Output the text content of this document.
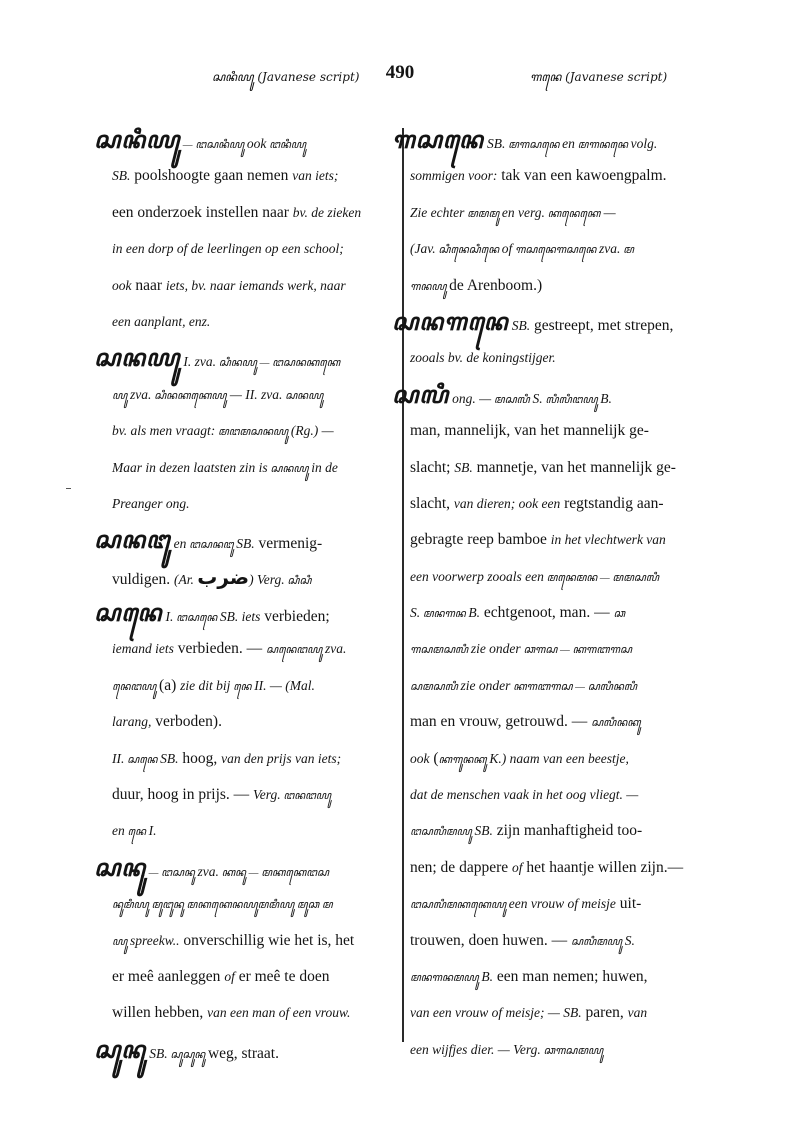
ꦱꦤꦶꦪꦸ (Javanese script)	490	ꦒꦤꦺ (Javanese script)
ꦱꦤꦶꦪꦸ — ꦔꦱꦤꦶꦪꦸ ook ꦔꦤꦶꦪꦸ
SB. poolshoogte gaan nemen van iets;
een onderzoek instellen naar bv. de zieken
in een dorp of de leerlingen op een school;
ook naar iets, bv. naar iemands werk, naar
een aanplant, enz.
ꦱꦤꦪꦸ I. zva. ꦱꦶꦤꦪꦸ — ꦔꦱꦤꦏꦏꦺ
ꦪꦸ zva. ꦱꦶꦤꦏꦏꦺꦪꦸ — II. zva. ꦱꦤꦪꦸ
bv. als men vraagt: ꦩꦔꦩꦱꦤꦪꦸ (Rg.) —
Maar in dezen laatsten zin is ꦱꦤꦪꦸ in de
Preanger ong.
ꦱꦤꦔꦸ en ꦔꦱꦤꦔꦸ SB. vermenig-
vuldigen. (Ar. ضرب) Verg. ꦱꦶꦱꦶ
ꦱꦤꦺ I. ꦔꦱꦤꦺ SB. iets verbieden;
iemand iets verbieden. — ꦱꦤꦺꦔꦪꦸ zva.
ꦤꦺꦔꦪꦸ (a) zie dit bij ꦤꦺ II. — (Mal.
larang, verboden).
II. ꦱꦤꦺ SB. hoog, van den prijs van iets;
duur, hoog in prijs. — Verg. ꦔꦤꦔꦪꦸ
en ꦤꦺ I.
ꦱꦤꦸ — ꦔꦱꦤꦸ zva. ꦏꦤꦸ — ꦩꦏꦏꦺꦔꦱ
ꦤꦸꦩꦶꦪꦸ ꦩꦸꦔꦸꦤꦸ ꦩꦏꦏꦺꦤꦪꦸꦩꦩꦶꦪꦸ ꦩꦸꦕ ꦩ
ꦪꦸ spreekw.. onverschillig wie het is, het
er meê aanleggen of er meê te doen
willen hebben, van een man of een vrouw.
ꦱꦸꦤꦸ SB. ꦱꦸꦱꦸꦤꦸ weg, straat.
ꦒꦱꦤꦺ SB. ꦩꦒꦱꦤꦺ en ꦩꦒꦤꦤꦺ volg.
sommigen voor: tak van een kawoengpalm.
Zie echter ꦩꦩꦩꦸ en verg. ꦏꦤꦺꦏꦺ —
(Jav. ꦱꦶꦤꦺꦱꦶꦤꦺ of ꦒꦱꦤꦺꦒꦱꦤꦺ zva. ꦩ
ꦒꦤꦪꦸ de Arenboom.)
ꦱꦤꦒꦤꦺ SB. gestreept, met strepen,
zooals bv. de koningstijger.
ꦱꦭꦶ ong. — ꦩꦱꦭꦶ S. ꦭꦶꦭꦶꦔꦪꦸ B.
man, mannelijk, van het mannelijk ge-
slacht; SB. mannetje, van het mannelijk ge-
slacht, van dieren; ook een regtstandig aan-
gebragte reep bamboe in het vlechtwerk van
een voorwerp zooals een ꦩꦤꦺꦩꦤ — ꦩꦩꦱꦭꦶ
S. ꦩꦤꦒꦤ B. echtgenoot, man. — ꦕ
ꦒꦱꦩꦱꦭꦶ zie onder ꦕꦒꦱ — ꦏꦒꦧꦒꦱ
ꦱꦩꦱꦭꦶ zie onder ꦏꦒꦧꦒꦱ — ꦱꦭꦶꦤꦭꦶ
man en vrouw, getrouwd. — ꦱꦭꦶꦤꦏꦸ
ook (ꦏꦒꦸꦤꦏꦸ K.) naam van een beestje,
dat de menschen vaak in het oog vliegt. —
ꦔꦱꦭꦶꦩꦪꦸ SB. zijn manhaftigheid too-
nen; de dappere of het haantje willen zijn.—
ꦔꦱꦭꦶꦩꦏꦏꦺꦪꦸ een vrouw of meisje uit-
trouwen, doen huwen. — ꦱꦭꦶꦩꦪꦸ S.
ꦩꦤꦒꦤꦩꦪꦸ B. een man nemen; huwen,
van een vrouw of meisje; — SB. paren, van
een wijfjes dier. — Verg. ꦕꦒꦱꦩꦪꦸ
